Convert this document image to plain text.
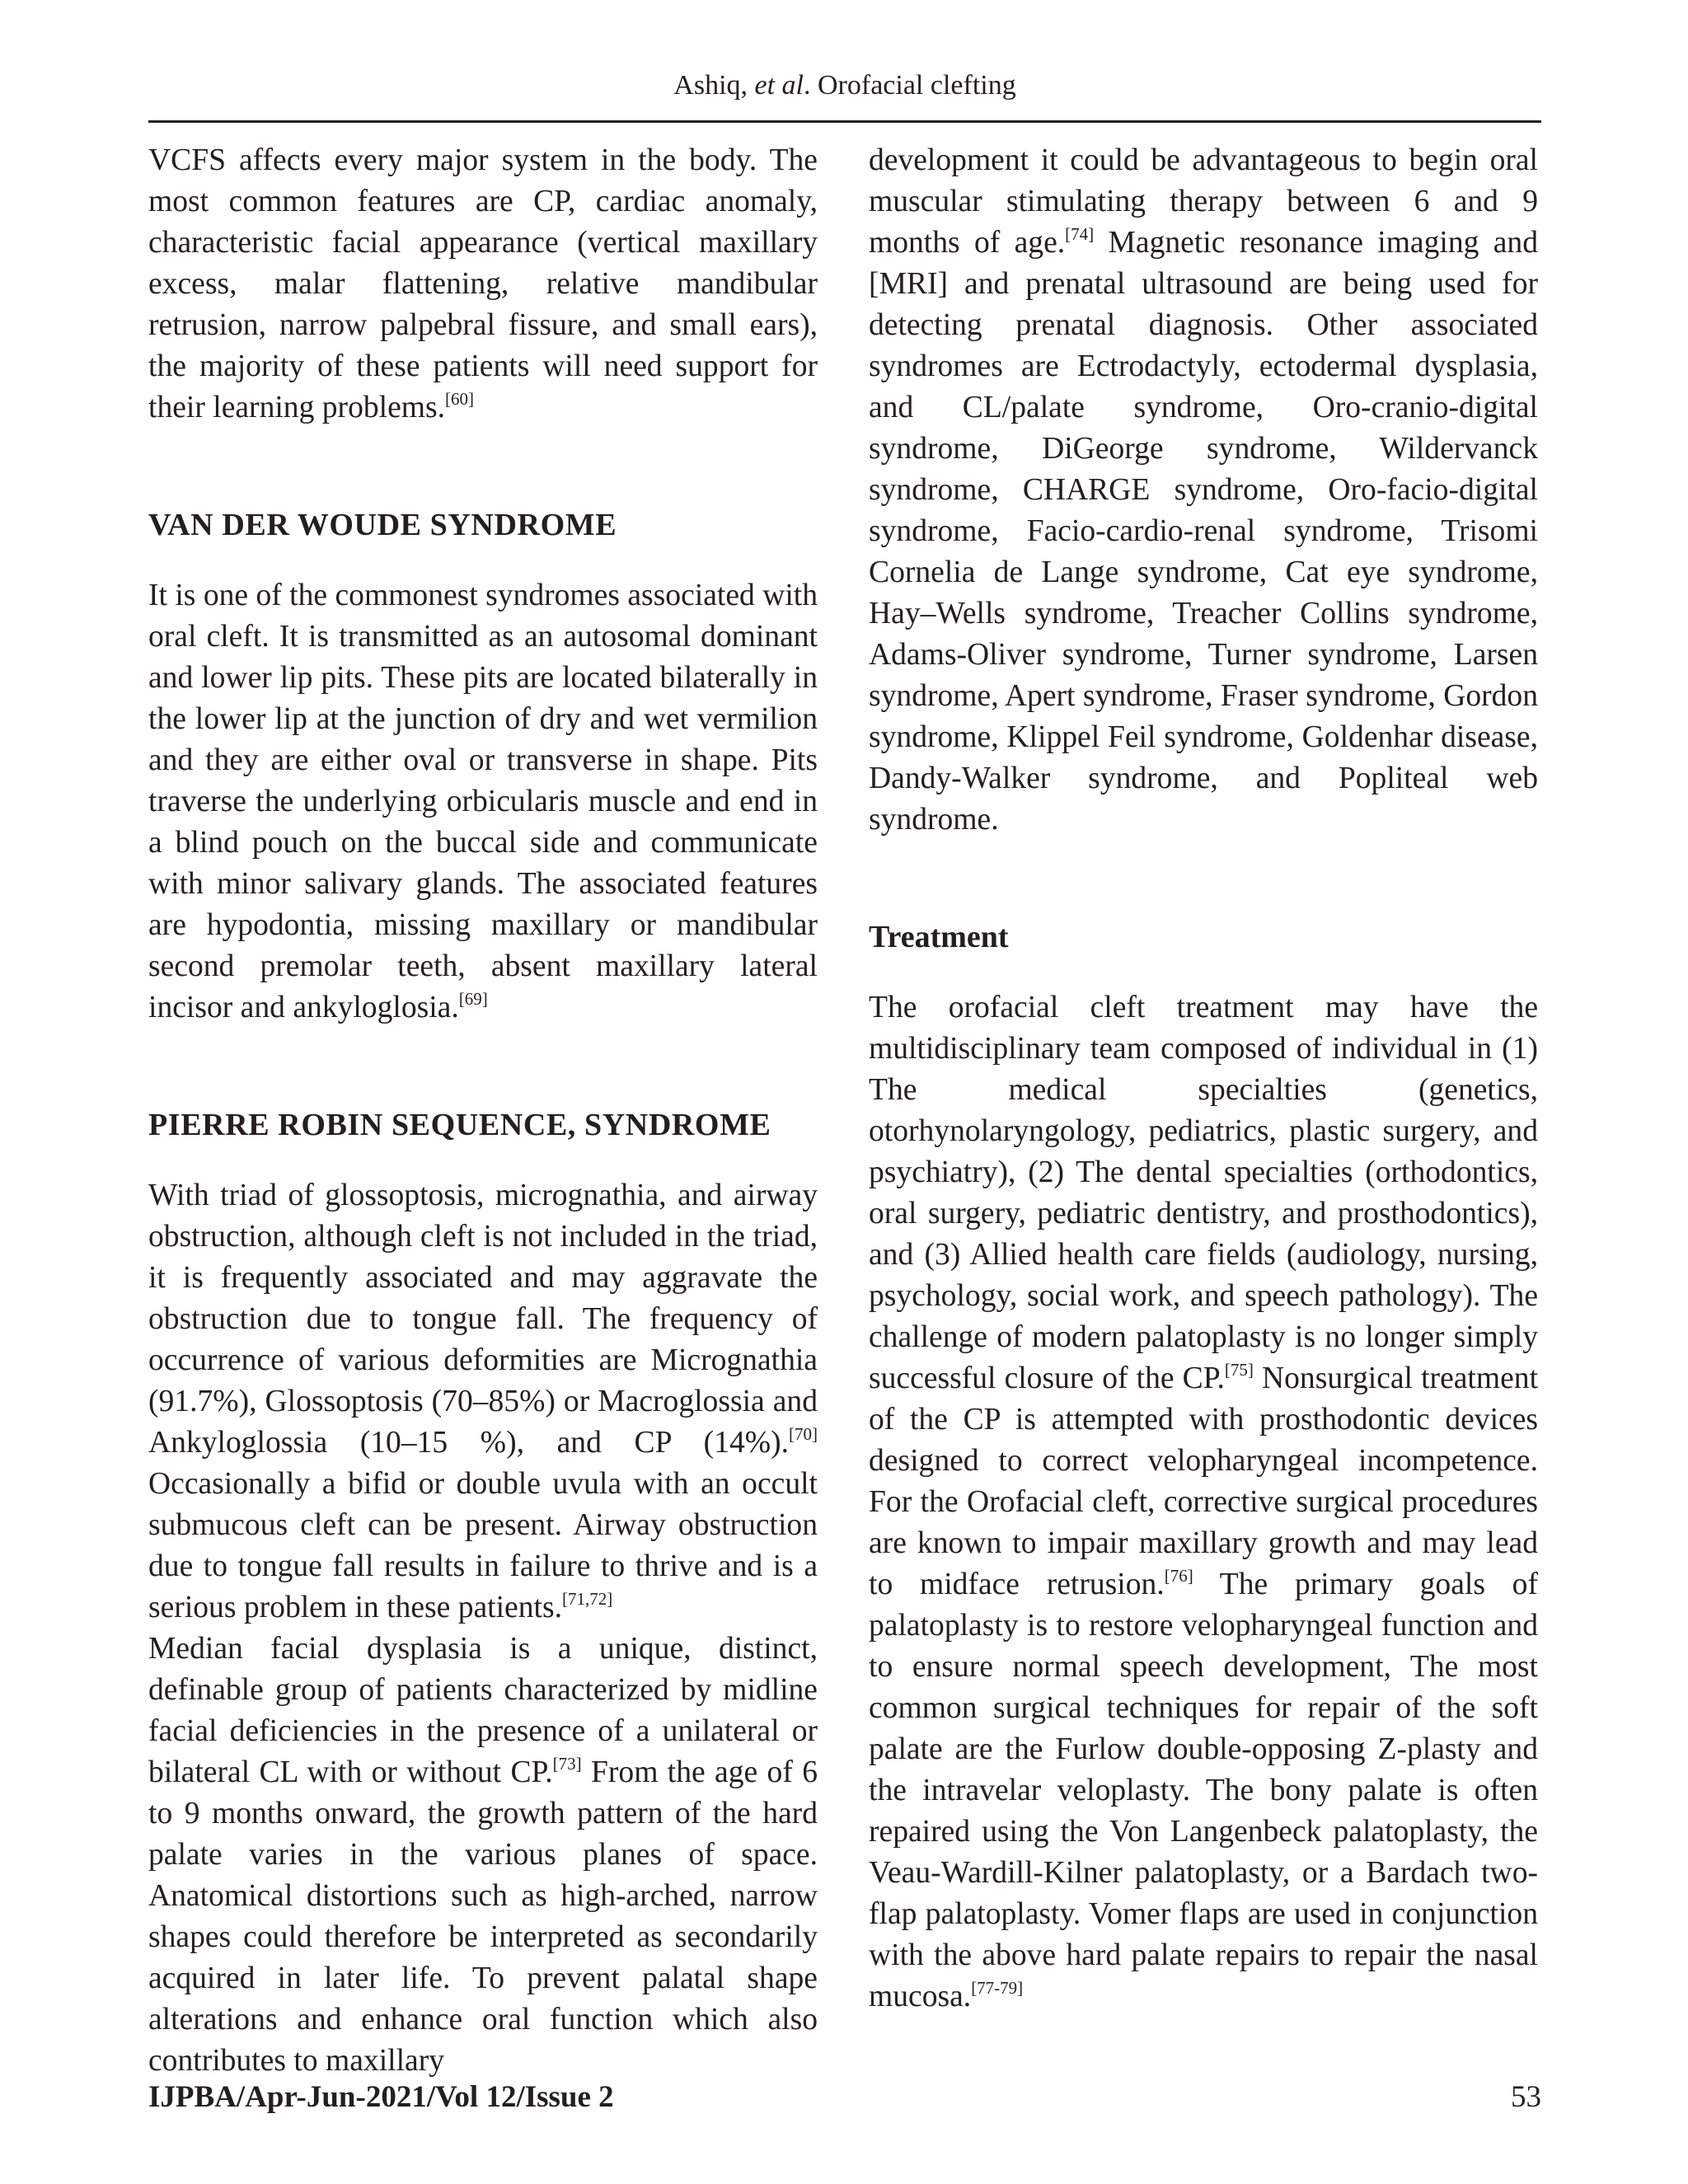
Ashiq, et al. Orofacial clefting

VCFS affects every major system in the body. The most common features are CP, cardiac anomaly, characteristic facial appearance (vertical maxillary excess, malar flattening, relative mandibular retrusion, narrow palpebral fissure, and small ears), the majority of these patients will need support for their learning problems.[60]

VAN DER WOUDE SYNDROME

It is one of the commonest syndromes associated with oral cleft. It is transmitted as an autosomal dominant and lower lip pits. These pits are located bilaterally in the lower lip at the junction of dry and wet vermilion and they are either oval or transverse in shape. Pits traverse the underlying orbicularis muscle and end in a blind pouch on the buccal side and communicate with minor salivary glands. The associated features are hypodontia, missing maxillary or mandibular second premolar teeth, absent maxillary lateral incisor and ankyloglosia.[69]

PIERRE ROBIN SEQUENCE, SYNDROME

With triad of glossoptosis, micrognathia, and airway obstruction, although cleft is not included in the triad, it is frequently associated and may aggravate the obstruction due to tongue fall. The frequency of occurrence of various deformities are Micrognathia (91.7%), Glossoptosis (70–85%) or Macroglossia and Ankyloglossia (10–15 %), and CP (14%).[70] Occasionally a bifid or double uvula with an occult submucous cleft can be present. Airway obstruction due to tongue fall results in failure to thrive and is a serious problem in these patients.[71,72]

Median facial dysplasia is a unique, distinct, definable group of patients characterized by midline facial deficiencies in the presence of a unilateral or bilateral CL with or without CP.[73] From the age of 6 to 9 months onward, the growth pattern of the hard palate varies in the various planes of space. Anatomical distortions such as high-arched, narrow shapes could therefore be interpreted as secondarily acquired in later life. To prevent palatal shape alterations and enhance oral function which also contributes to maxillary

development it could be advantageous to begin oral muscular stimulating therapy between 6 and 9 months of age.[74] Magnetic resonance imaging and [MRI] and prenatal ultrasound are being used for detecting prenatal diagnosis. Other associated syndromes are Ectrodactyly, ectodermal dysplasia, and CL/palate syndrome, Oro-cranio-digital syndrome, DiGeorge syndrome, Wildervanck syndrome, CHARGE syndrome, Oro-facio-digital syndrome, Facio-cardio-renal syndrome, Trisomi Cornelia de Lange syndrome, Cat eye syndrome, Hay–Wells syndrome, Treacher Collins syndrome, Adams-Oliver syndrome, Turner syndrome, Larsen syndrome, Apert syndrome, Fraser syndrome, Gordon syndrome, Klippel Feil syndrome, Goldenhar disease, Dandy-Walker syndrome, and Popliteal web syndrome.

Treatment

The orofacial cleft treatment may have the multidisciplinary team composed of individual in (1) The medical specialties (genetics, otorhynolaryngology, pediatrics, plastic surgery, and psychiatry), (2) The dental specialties (orthodontics, oral surgery, pediatric dentistry, and prosthodontics), and (3) Allied health care fields (audiology, nursing, psychology, social work, and speech pathology). The challenge of modern palatoplasty is no longer simply successful closure of the CP.[75] Nonsurgical treatment of the CP is attempted with prosthodontic devices designed to correct velopharyngeal incompetence. For the Orofacial cleft, corrective surgical procedures are known to impair maxillary growth and may lead to midface retrusion.[76] The primary goals of palatoplasty is to restore velopharyngeal function and to ensure normal speech development, The most common surgical techniques for repair of the soft palate are the Furlow double-opposing Z-plasty and the intravelar veloplasty. The bony palate is often repaired using the Von Langenbeck palatoplasty, the Veau-Wardill-Kilner palatoplasty, or a Bardach two-flap palatoplasty. Vomer flaps are used in conjunction with the above hard palate repairs to repair the nasal mucosa.[77-79]

IJPBA/Apr-Jun-2021/Vol 12/Issue 2	53
